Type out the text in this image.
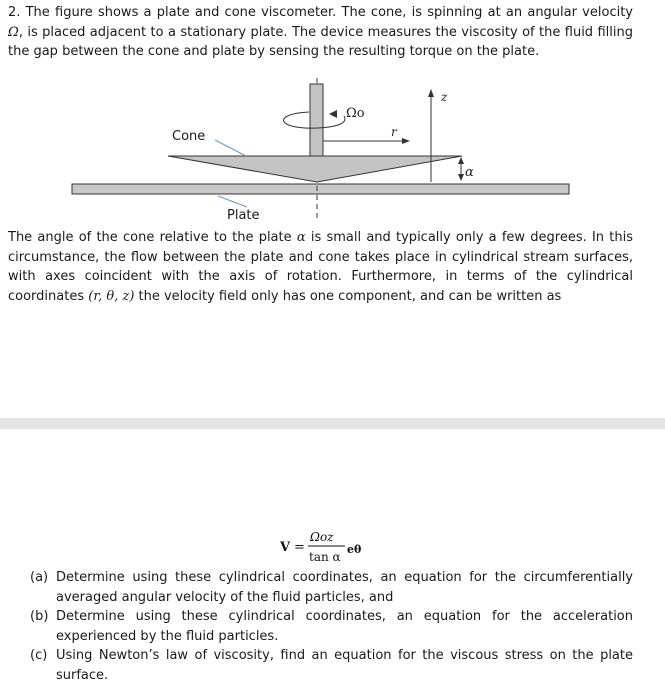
2. The figure shows a plate and cone viscometer. The cone, is spinning at an angular velocity Ω, is placed adjacent to a stationary plate. The device measures the viscosity of the fluid filling the gap between the cone and plate by sensing the resulting torque on the plate.

Ωo
r
z
α
Cone
Plate

The angle of the cone relative to the plate α is small and typically only a few degrees. In this circumstance, the flow between the plate and cone takes place in cylindrical stream surfaces, with axes coincident with the axis of rotation. Furthermore, in terms of the cylindrical coordinates (r, θ, z) the velocity field only has one component, and can be written as

V =
Ωoz
tan α
eθ
(a) Determine using these cylindrical coordinates, an equation for the circumferentially averaged angular velocity of the fluid particles, and
(b) Determine using these cylindrical coordinates, an equation for the acceleration experienced by the fluid particles.
(c) Using Newton’s law of viscosity, find an equation for the viscous stress on the plate surface.
